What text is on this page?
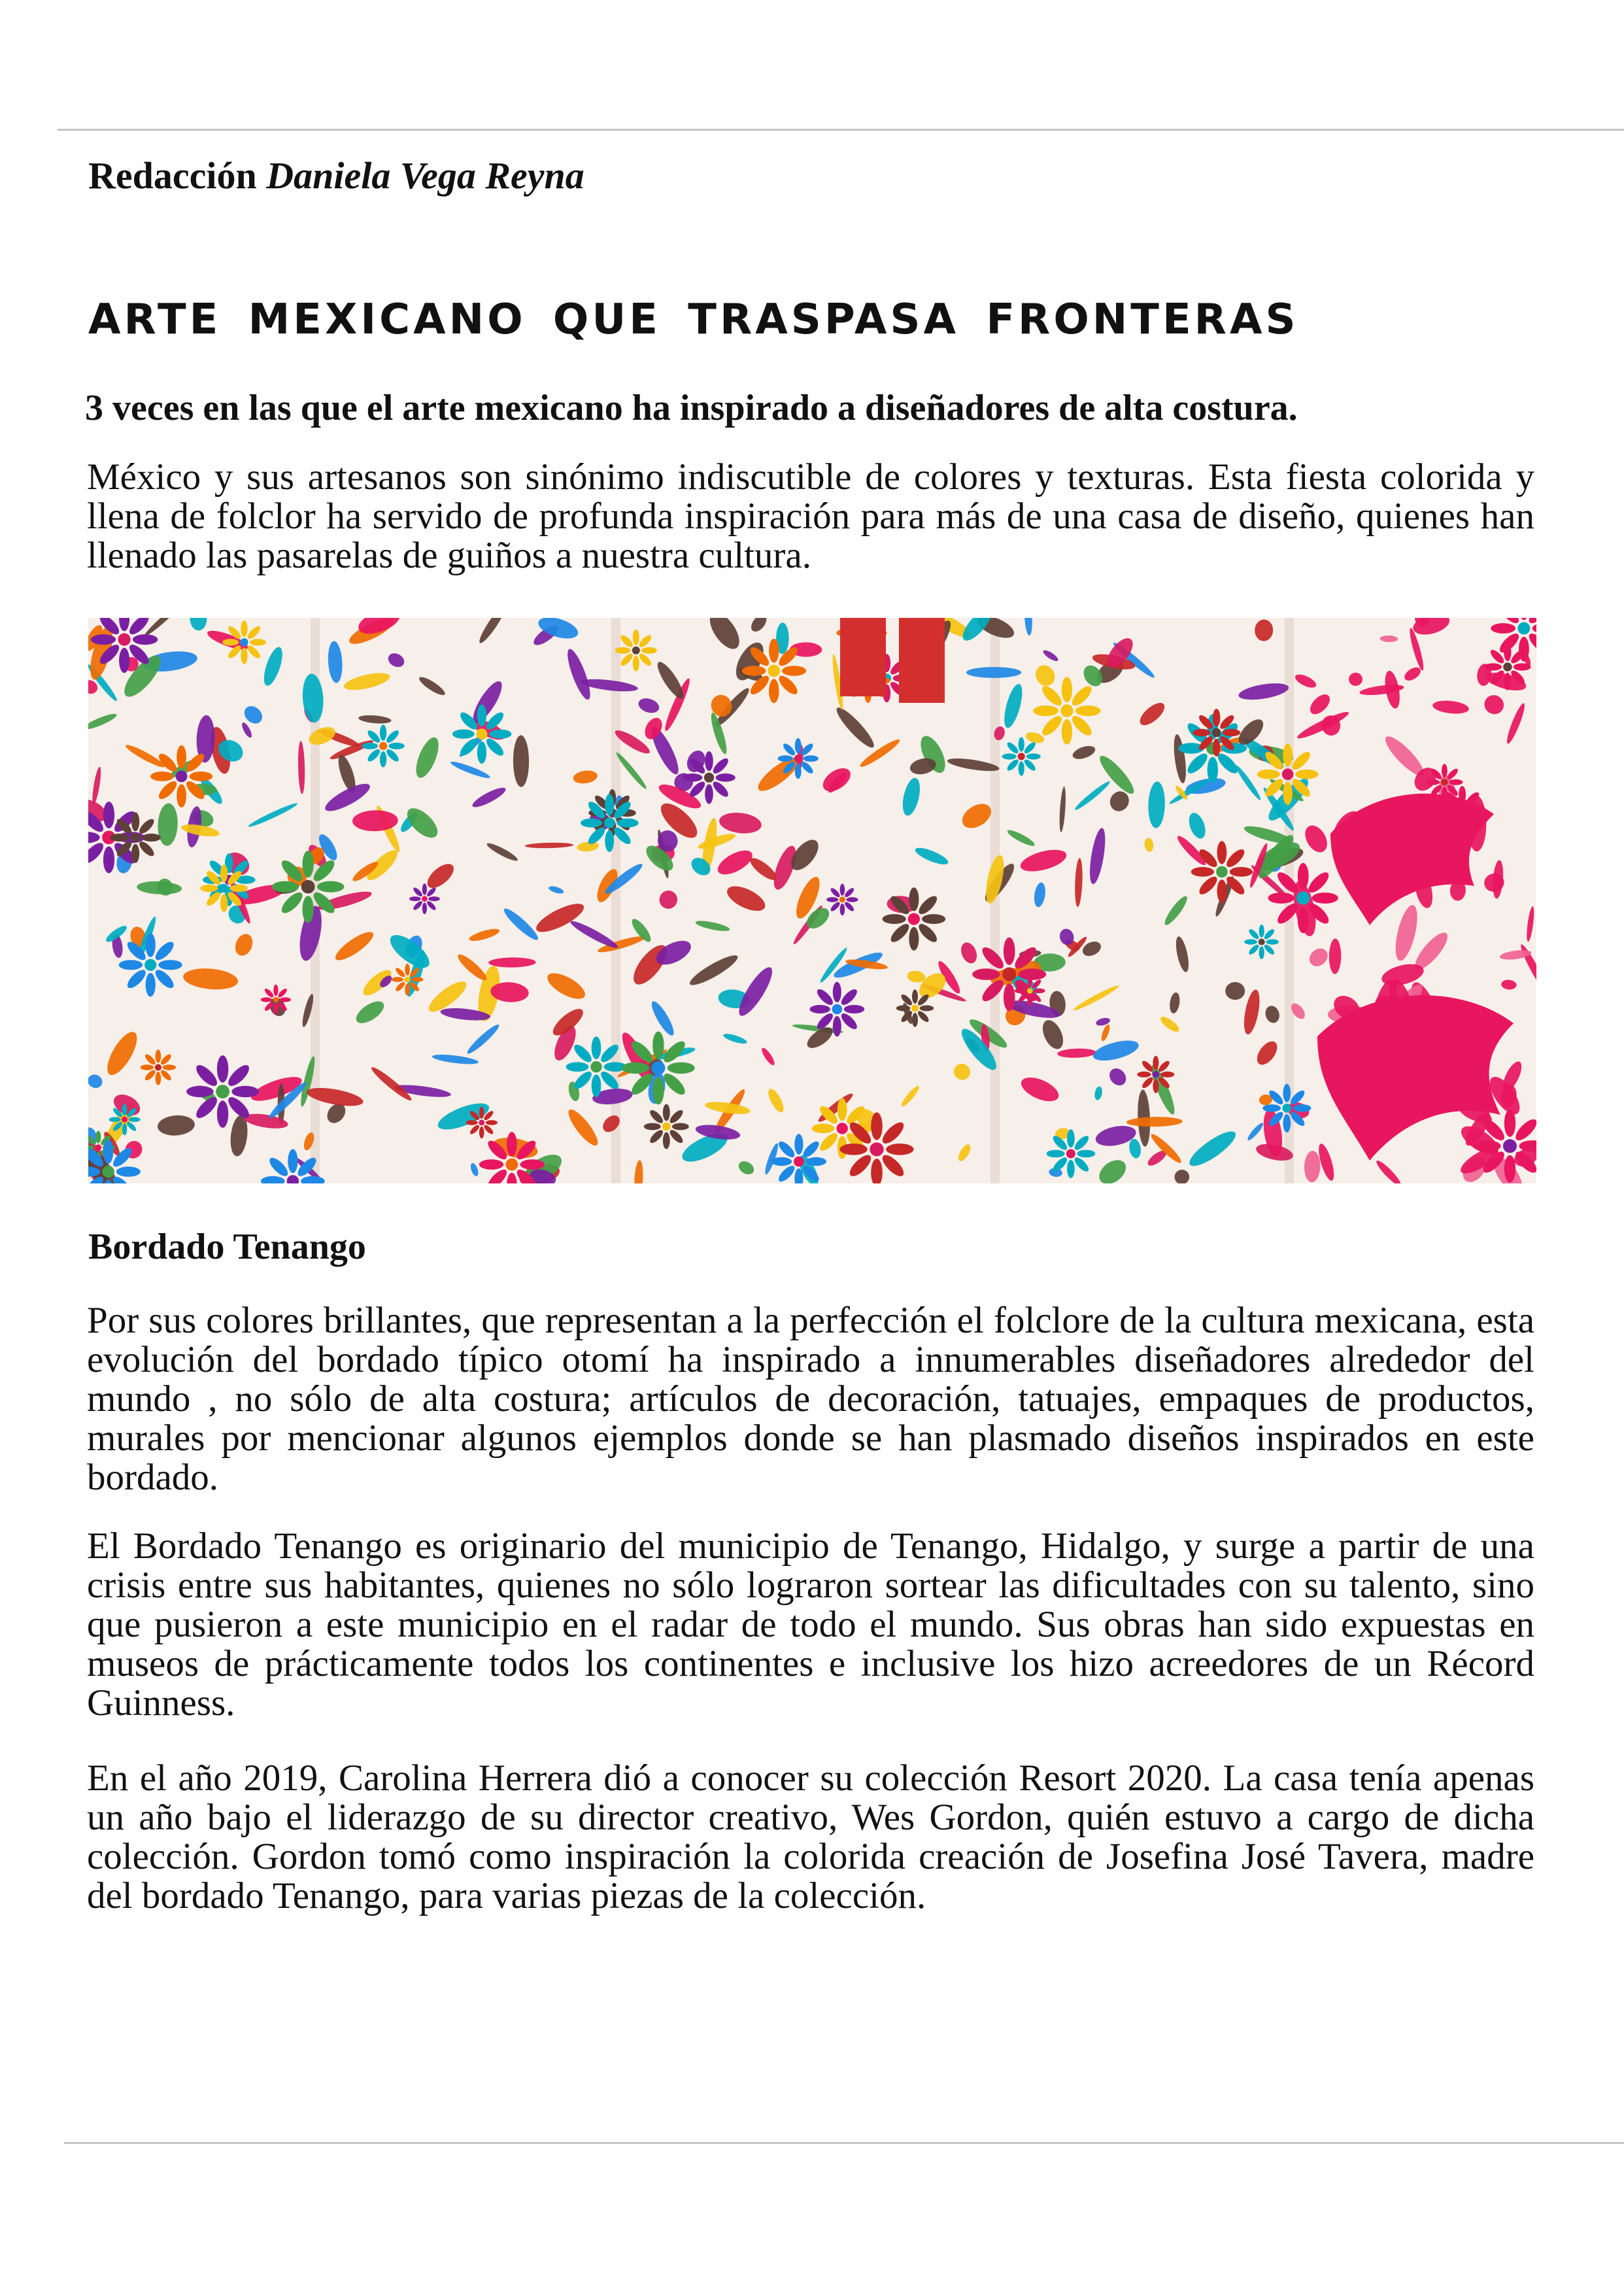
Redacción Daniela Vega Reyna
ARTE MEXICANO QUE TRASPASA FRONTERAS
3 veces en las que el arte mexicano ha inspirado a diseñadores de alta costura.
México y sus artesanos son sinónimo indiscutible de colores y texturas. Esta fiesta colorida y llena de folclor ha servido de profunda inspiración para más de una casa de diseño, quienes han llenado las pasarelas de guiños a nuestra cultura.
Bordado Tenango
Por sus colores brillantes, que representan a la perfección el folclore de la cultura mexicana, esta evolución del bordado típico otomí ha inspirado a innumerables diseñadores alrededor del mundo , no sólo de alta costura; artículos de decoración, tatuajes, empaques de productos, murales por mencionar algunos ejemplos donde se han plasmado diseños inspirados en este bordado.
El Bordado Tenango es originario del municipio de Tenango, Hidalgo, y surge a partir de una crisis entre sus habitantes, quienes no sólo lograron sortear las dificultades con su talento, sino que pusieron a este municipio en el radar de todo el mundo. Sus obras han sido expuestas en museos de prácticamente todos los continentes e inclusive los hizo acreedores de un Récord Guinness.
En el año 2019, Carolina Herrera dió a conocer su colección Resort 2020. La casa tenía apenas un año bajo el liderazgo de su director creativo, Wes Gordon, quién estuvo a cargo de dicha colección. Gordon tomó como inspiración la colorida creación de Josefina José Tavera, madre del bordado Tenango, para varias piezas de la colección.
